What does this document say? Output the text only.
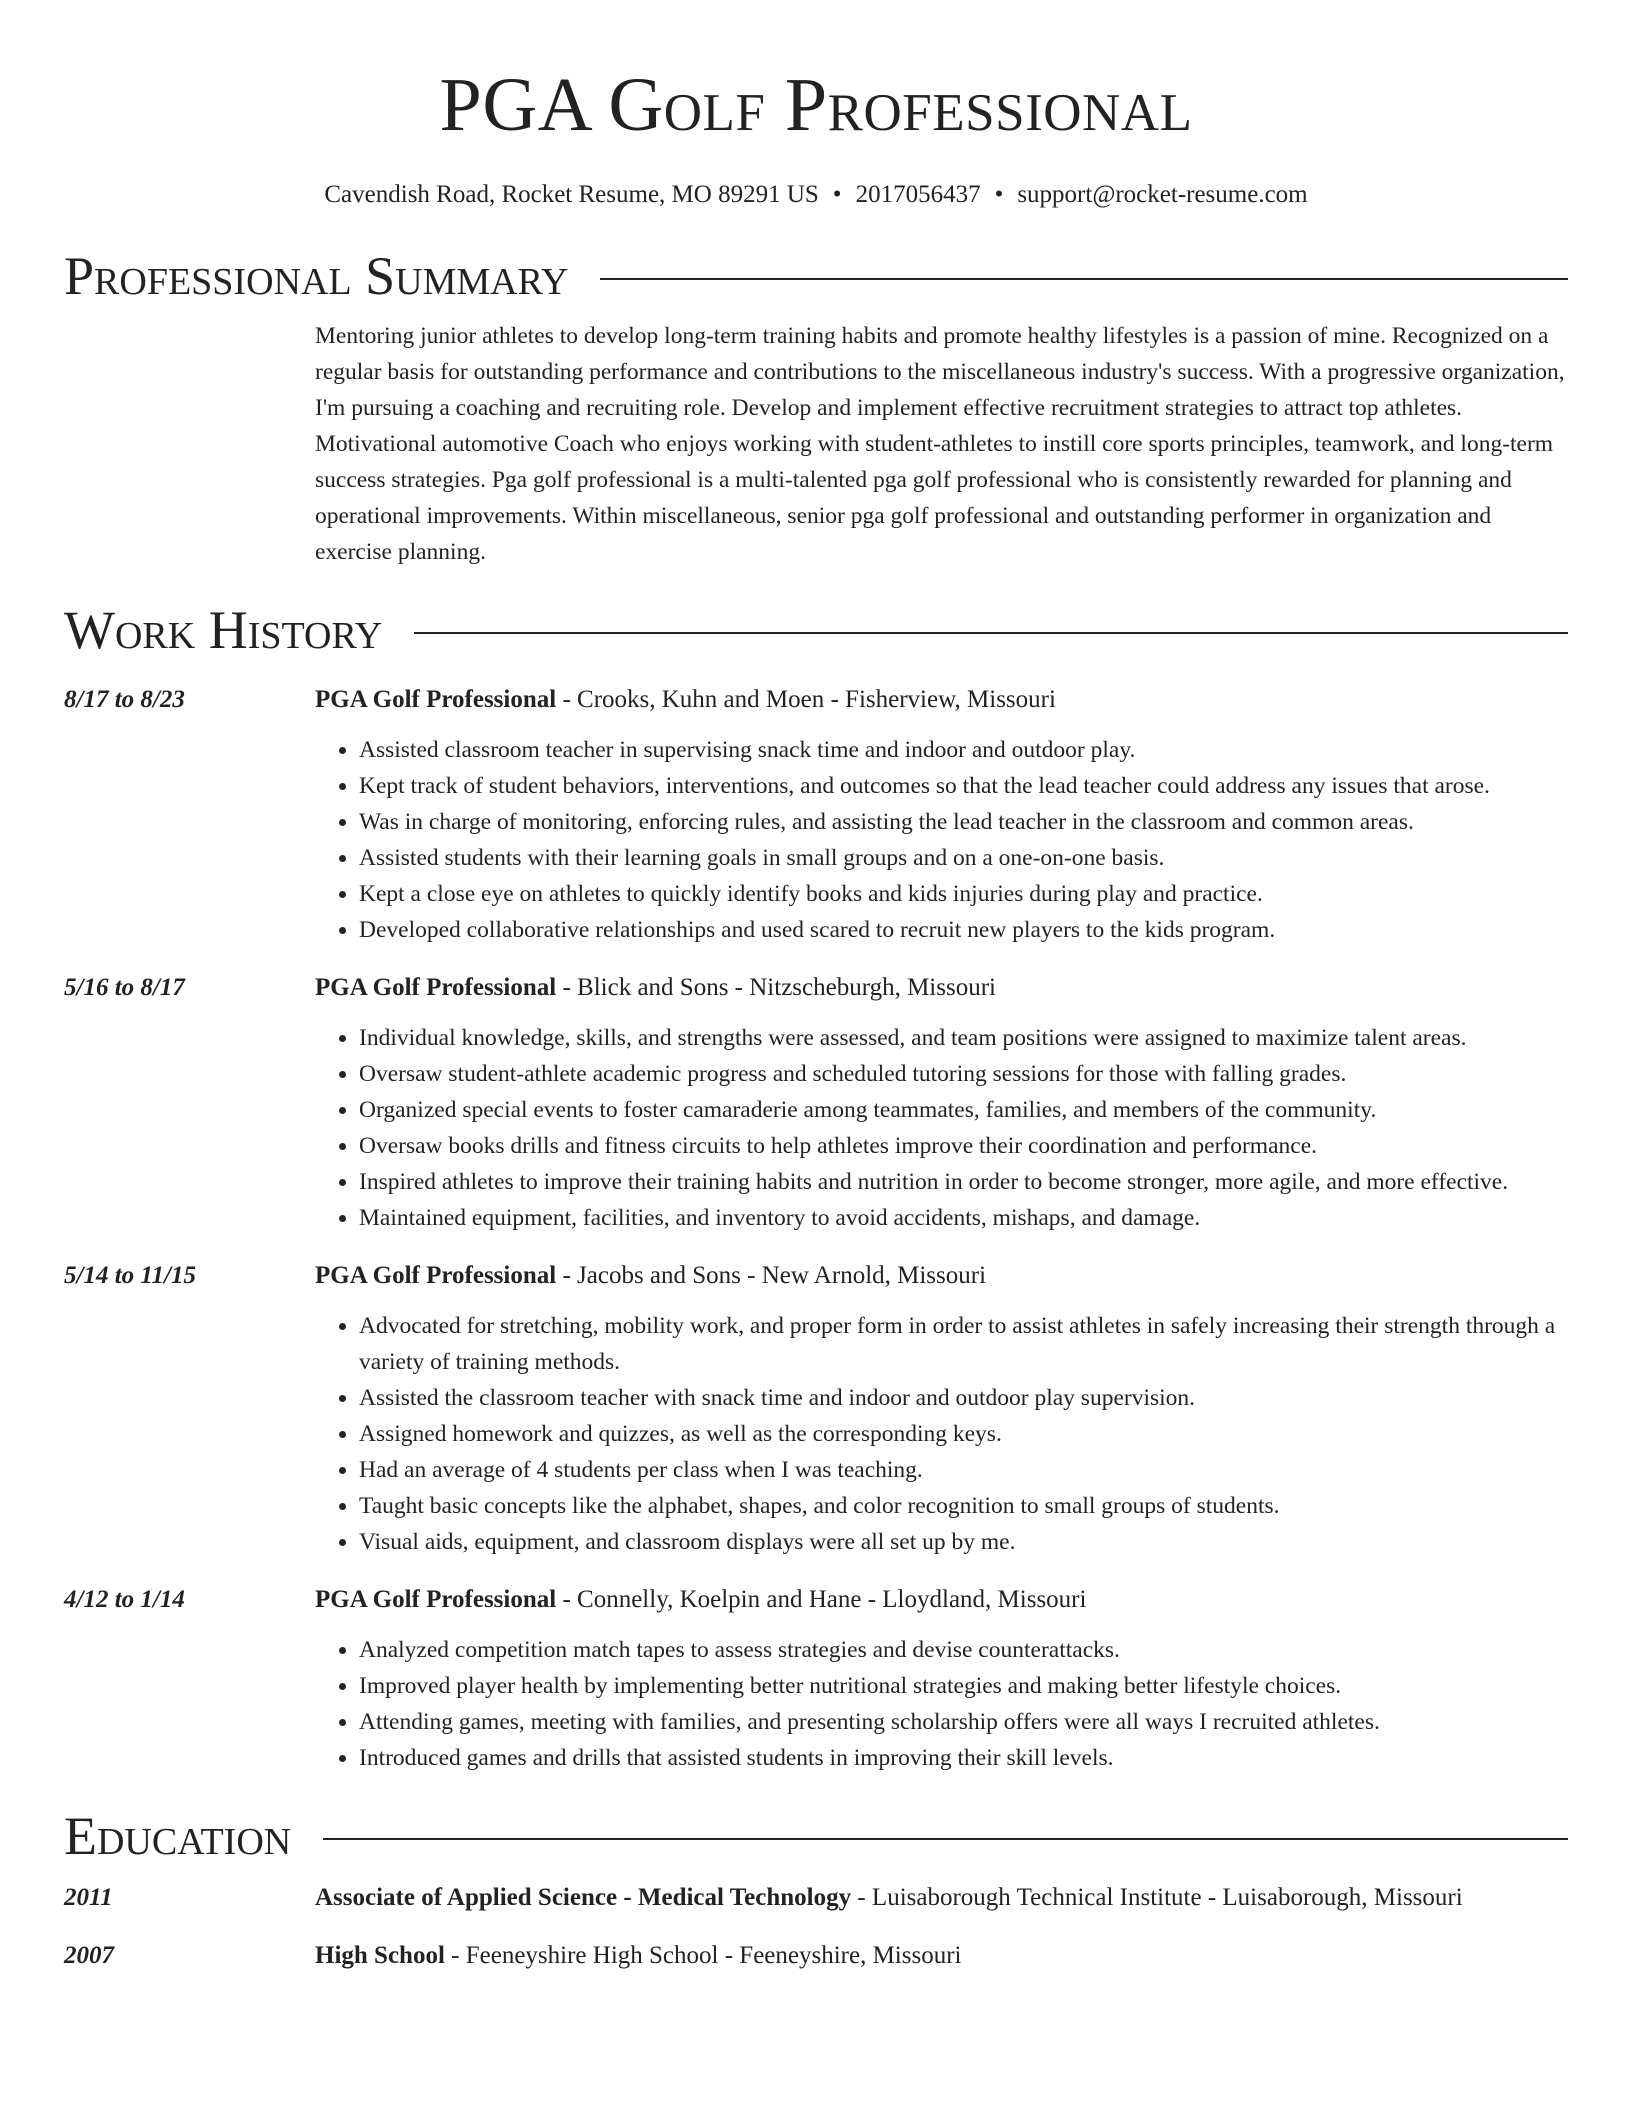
PGA Golf Professional
Cavendish Road, Rocket Resume, MO 89291 US • 2017056437 • support@rocket-resume.com
Professional Summary
Mentoring junior athletes to develop long-term training habits and promote healthy lifestyles is a passion of mine. Recognized on a regular basis for outstanding performance and contributions to the miscellaneous industry's success. With a progressive organization, I'm pursuing a coaching and recruiting role. Develop and implement effective recruitment strategies to attract top athletes. Motivational automotive Coach who enjoys working with student-athletes to instill core sports principles, teamwork, and long-term success strategies. Pga golf professional is a multi-talented pga golf professional who is consistently rewarded for planning and operational improvements. Within miscellaneous, senior pga golf professional and outstanding performer in organization and exercise planning.
Work History
8/17 to 8/23	PGA Golf Professional - Crooks, Kuhn and Moen - Fisherview, Missouri
• Assisted classroom teacher in supervising snack time and indoor and outdoor play.
• Kept track of student behaviors, interventions, and outcomes so that the lead teacher could address any issues that arose.
• Was in charge of monitoring, enforcing rules, and assisting the lead teacher in the classroom and common areas.
• Assisted students with their learning goals in small groups and on a one-on-one basis.
• Kept a close eye on athletes to quickly identify books and kids injuries during play and practice.
• Developed collaborative relationships and used scared to recruit new players to the kids program.
5/16 to 8/17	PGA Golf Professional - Blick and Sons - Nitzscheburgh, Missouri
• Individual knowledge, skills, and strengths were assessed, and team positions were assigned to maximize talent areas.
• Oversaw student-athlete academic progress and scheduled tutoring sessions for those with falling grades.
• Organized special events to foster camaraderie among teammates, families, and members of the community.
• Oversaw books drills and fitness circuits to help athletes improve their coordination and performance.
• Inspired athletes to improve their training habits and nutrition in order to become stronger, more agile, and more effective.
• Maintained equipment, facilities, and inventory to avoid accidents, mishaps, and damage.
5/14 to 11/15	PGA Golf Professional - Jacobs and Sons - New Arnold, Missouri
• Advocated for stretching, mobility work, and proper form in order to assist athletes in safely increasing their strength through a variety of training methods.
• Assisted the classroom teacher with snack time and indoor and outdoor play supervision.
• Assigned homework and quizzes, as well as the corresponding keys.
• Had an average of 4 students per class when I was teaching.
• Taught basic concepts like the alphabet, shapes, and color recognition to small groups of students.
• Visual aids, equipment, and classroom displays were all set up by me.
4/12 to 1/14	PGA Golf Professional - Connelly, Koelpin and Hane - Lloydland, Missouri
• Analyzed competition match tapes to assess strategies and devise counterattacks.
• Improved player health by implementing better nutritional strategies and making better lifestyle choices.
• Attending games, meeting with families, and presenting scholarship offers were all ways I recruited athletes.
• Introduced games and drills that assisted students in improving their skill levels.
Education
2011	Associate of Applied Science - Medical Technology - Luisaborough Technical Institute - Luisaborough, Missouri
2007	High School - Feeneyshire High School - Feeneyshire, Missouri
